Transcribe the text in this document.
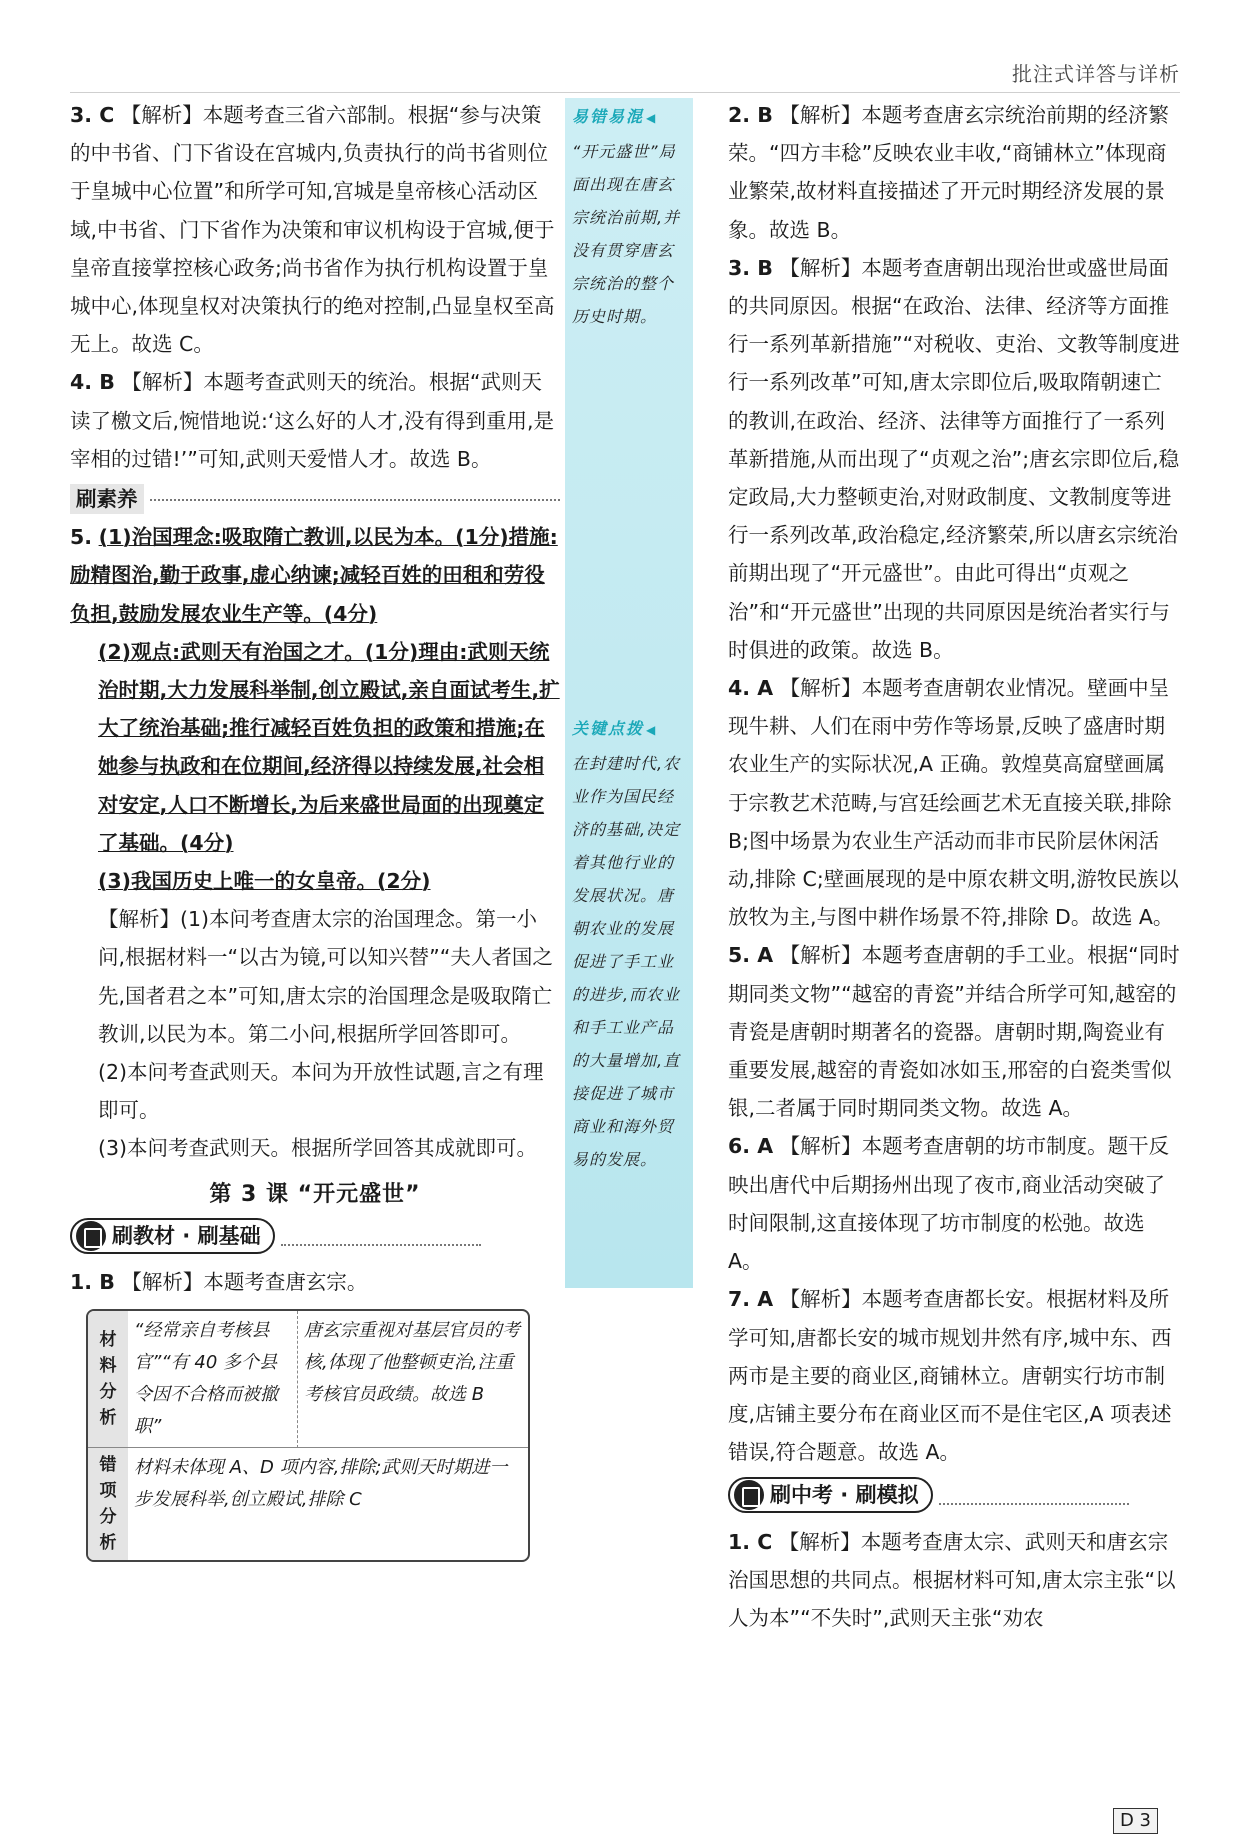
批注式详答与详析

3. C 【解析】本题考查三省六部制。根据“参与决策的中书省、门下省设在宫城内,负责执行的尚书省则位于皇城中心位置”和所学可知,宫城是皇帝核心活动区域,中书省、门下省作为决策和审议机构设于宫城,便于皇帝直接掌控核心政务;尚书省作为执行机构设置于皇城中心,体现皇权对决策执行的绝对控制,凸显皇权至高无上。故选 C。

4. B 【解析】本题考查武则天的统治。根据“武则天读了檄文后,惋惜地说:‘这么好的人才,没有得到重用,是宰相的过错!’”可知,武则天爱惜人才。故选 B。

刷素养

5. (1)治国理念:吸取隋亡教训,以民为本。(1分)措施:励精图治,勤于政事,虚心纳谏;减轻百姓的田租和劳役负担,鼓励发展农业生产等。(4分)

(2)观点:武则天有治国之才。(1分)理由:武则天统治时期,大力发展科举制,创立殿试,亲自面试考生,扩大了统治基础;推行减轻百姓负担的政策和措施;在她参与执政和在位期间,经济得以持续发展,社会相对安定,人口不断增长,为后来盛世局面的出现奠定了基础。(4分)

(3)我国历史上唯一的女皇帝。(2分)

【解析】(1)本问考查唐太宗的治国理念。第一小问,根据材料一“以古为镜,可以知兴替”“夫人者国之先,国者君之本”可知,唐太宗的治国理念是吸取隋亡教训,以民为本。第二小问,根据所学回答即可。

(2)本问考查武则天。本问为开放性试题,言之有理即可。

(3)本问考查武则天。根据所学回答其成就即可。

第 3 课 “开元盛世”
刷教材 · 刷基础

1. B 【解析】本题考查唐玄宗。

材料分析
“经常亲自考核县官”“有 40 多个县令因不合格而被撤职”
唐玄宗重视对基层官员的考核,体现了他整顿吏治,注重考核官员政绩。故选 B
错项分析
材料未体现 A、D 项内容,排除;武则天时期进一步发展科举,创立殿试,排除 C
易错易混 ◀
“开元盛世”局面出现在唐玄宗统治前期,并没有贯穿唐玄宗统治的整个历史时期。
关键点拨 ◀
在封建时代,农业作为国民经济的基础,决定着其他行业的发展状况。唐朝农业的发展促进了手工业的进步,而农业和手工业产品的大量增加,直接促进了城市商业和海外贸易的发展。

2. B 【解析】本题考查唐玄宗统治前期的经济繁荣。“四方丰稔”反映农业丰收,“商铺林立”体现商业繁荣,故材料直接描述了开元时期经济发展的景象。故选 B。

3. B 【解析】本题考查唐朝出现治世或盛世局面的共同原因。根据“在政治、法律、经济等方面推行一系列革新措施”“对税收、吏治、文教等制度进行一系列改革”可知,唐太宗即位后,吸取隋朝速亡的教训,在政治、经济、法律等方面推行了一系列革新措施,从而出现了“贞观之治”;唐玄宗即位后,稳定政局,大力整顿吏治,对财政制度、文教制度等进行一系列改革,政治稳定,经济繁荣,所以唐玄宗统治前期出现了“开元盛世”。由此可得出“贞观之治”和“开元盛世”出现的共同原因是统治者实行与时俱进的政策。故选 B。

4. A 【解析】本题考查唐朝农业情况。壁画中呈现牛耕、人们在雨中劳作等场景,反映了盛唐时期农业生产的实际状况,A 正确。敦煌莫高窟壁画属于宗教艺术范畴,与宫廷绘画艺术无直接关联,排除 B;图中场景为农业生产活动而非市民阶层休闲活动,排除 C;壁画展现的是中原农耕文明,游牧民族以放牧为主,与图中耕作场景不符,排除 D。故选 A。

5. A 【解析】本题考查唐朝的手工业。根据“同时期同类文物”“越窑的青瓷”并结合所学可知,越窑的青瓷是唐朝时期著名的瓷器。唐朝时期,陶瓷业有重要发展,越窑的青瓷如冰如玉,邢窑的白瓷类雪似银,二者属于同时期同类文物。故选 A。

6. A 【解析】本题考查唐朝的坊市制度。题干反映出唐代中后期扬州出现了夜市,商业活动突破了时间限制,这直接体现了坊市制度的松弛。故选 A。

7. A 【解析】本题考查唐都长安。根据材料及所学可知,唐都长安的城市规划井然有序,城中东、西两市是主要的商业区,商铺林立。唐朝实行坊市制度,店铺主要分布在商业区而不是住宅区,A 项表述错误,符合题意。故选 A。

刷中考 · 刷模拟

1. C 【解析】本题考查唐太宗、武则天和唐玄宗治国思想的共同点。根据材料可知,唐太宗主张“以人为本”“不失时”,武则天主张“劝农

D 3
